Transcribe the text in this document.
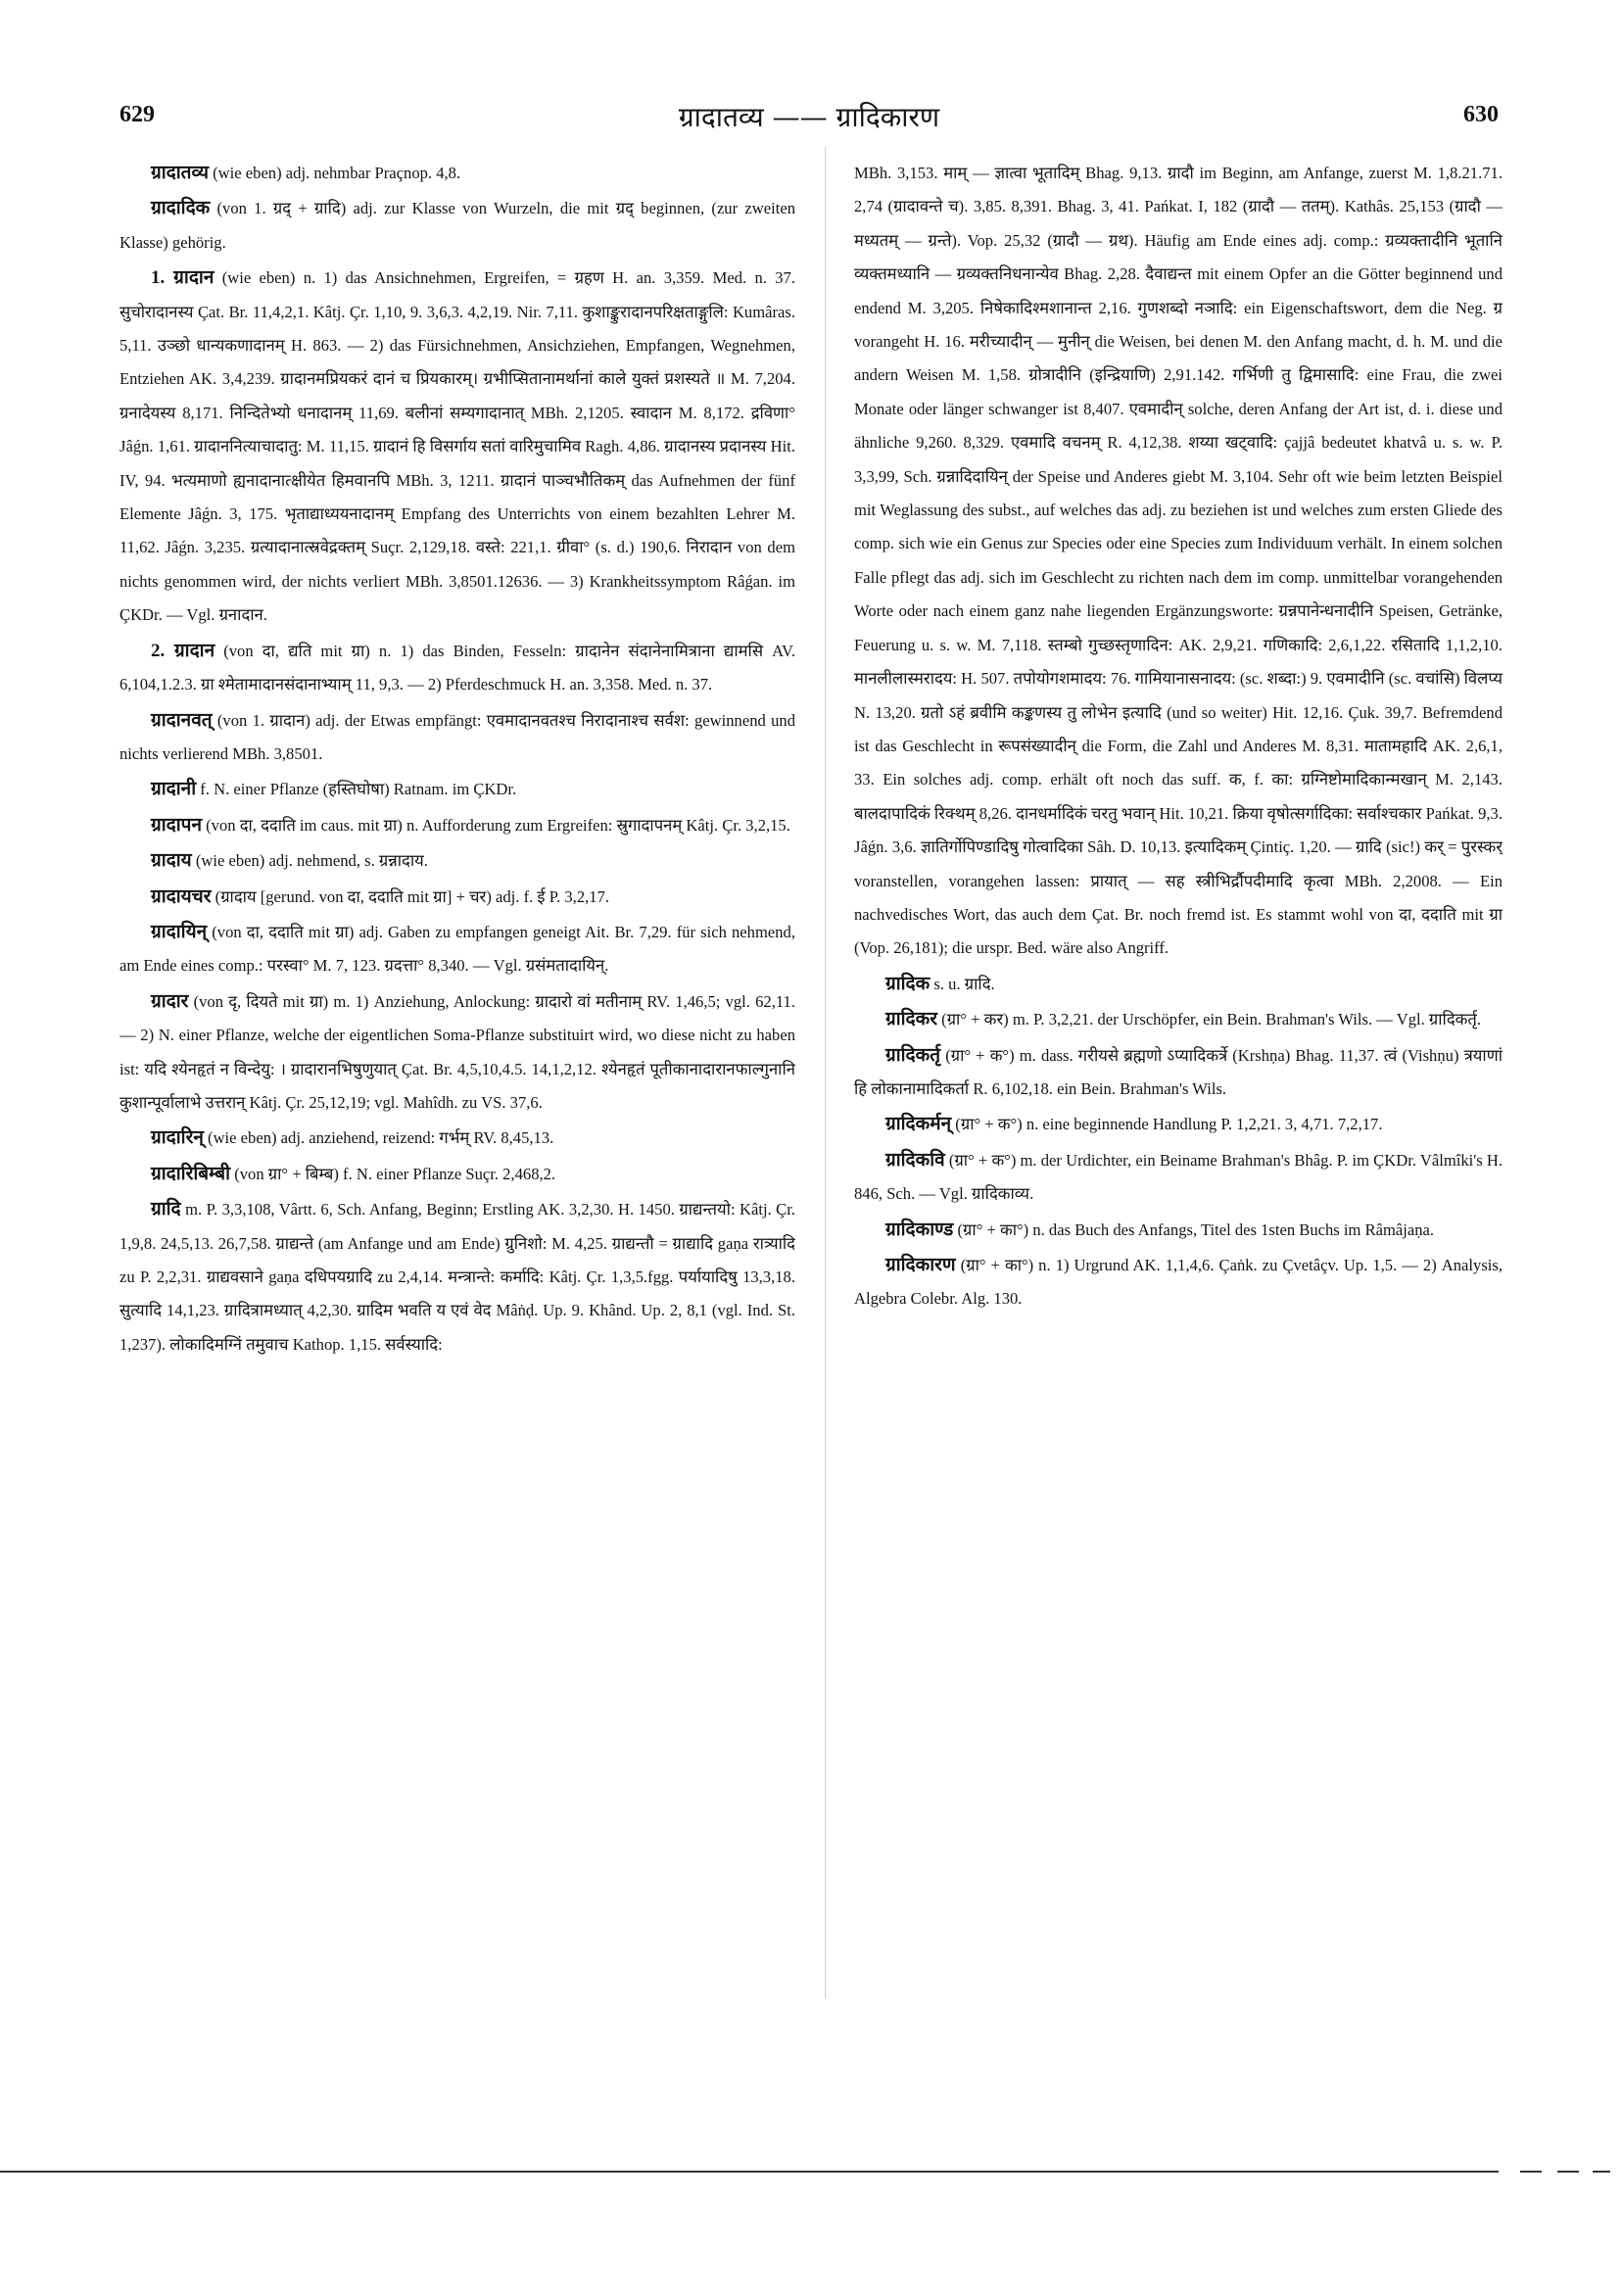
629	ग्रादातव्य —— ग्रादिकारण	630

ग्रादातव्य (wie eben) adj. nehmbar Praçnop. 4,8.

ग्रादादिक (von 1. ग्रद् + ग्रादि) adj. zur Klasse von Wurzeln, die mit ग्रद् beginnen, (zur zweiten Klasse) gehörig.

1. ग्रादान (wie eben) n. 1) das Ansichnehmen, Ergreifen, = ग्रहण H. an. 3,359. Med. n. 37. सुचोरादानस्य Çat. Br. 11,4,2,1. Kâtj. Çr. 1,10, 9. 3,6,3. 4,2,19. Nir. 7,11. कुशाङ्कुरादानपरिक्षताङ्गुलि: Kumâras. 5,11. उञ्छो धान्यकणादानम् H. 863. — 2) das Fürsichnehmen, Ansichziehen, Empfangen, Wegnehmen, Entziehen AK. 3,4,239. ग्रादानमप्रियकरं दानं च प्रियकारम्। ग्रभीप्सितानामर्थानां काले युक्तं प्रशस्यते ॥ M. 7,204. ग्रनादेयस्य 8,171. निन्दितेभ्यो धनादानम् 11,69. बलीनां सम्यगादानात् MBh. 2,1205. स्वादान M. 8,172. द्रविणा° Jâǵn. 1,61. ग्रादाननित्याचादातु: M. 11,15. ग्रादानं हि विसर्गाय सतां वारिमुचामिव Ragh. 4,86. ग्रादानस्य प्रदानस्य Hit. IV, 94. भत्यमाणो ह्यनादानात्क्षीयेत हिमवानपि MBh. 3, 1211. ग्रादानं पाञ्चभौतिकम् das Aufnehmen der fünf Elemente Jâǵn. 3, 175. भृताद्याध्ययनादानम् Empfang des Unterrichts von einem bezahlten Lehrer M. 11,62. Jâǵn. 3,235. ग्रत्यादानात्स्रवेद्रक्तम् Suçr. 2,129,18. वस्ते: 221,1. ग्रीवा° (s. d.) 190,6. निरादान von dem nichts genommen wird, der nichts verliert MBh. 3,8501.12636. — 3) Krankheitssymptom Râǵan. im ÇKDr. — Vgl. ग्रनादान.

2. ग्रादान (von दा, द्यति mit ग्रा) n. 1) das Binden, Fesseln: ग्रादानेन संदानेनामित्राना द्यामसि AV. 6,104,1.2.3. ग्रा श्मेतामादानसंदानाभ्याम् 11, 9,3. — 2) Pferdeschmuck H. an. 3,358. Med. n. 37.

ग्रादानवत् (von 1. ग्रादान) adj. der Etwas empfängt: एवमादानवतश्च निरादानाश्च सर्वश: gewinnend und nichts verlierend MBh. 3,8501.

ग्रादानी f. N. einer Pflanze (हस्तिघोषा) Ratnam. im ÇKDr.

ग्रादापन (von दा, ददाति im caus. mit ग्रा) n. Aufforderung zum Ergreifen: स्रुगादापनम् Kâtj. Çr. 3,2,15.

ग्रादाय (wie eben) adj. nehmend, s. ग्रन्नादाय.

ग्रादायचर (ग्रादाय [gerund. von दा, ददाति mit ग्रा] + चर) adj. f. ई P. 3,2,17.

ग्रादायिन् (von दा, ददाति mit ग्रा) adj. Gaben zu empfangen geneigt Ait. Br. 7,29. für sich nehmend, am Ende eines comp.: परस्वा° M. 7, 123. ग्रदत्ता° 8,340. — Vgl. ग्रसंमतादायिन्.

ग्रादार (von दृ, दियते mit ग्रा) m. 1) Anziehung, Anlockung: ग्रादारो वां मतीनाम् RV. 1,46,5; vgl. 62,11. — 2) N. einer Pflanze, welche der eigentlichen Soma-Pflanze substituirt wird, wo diese nicht zu haben ist: यदि श्येनहृतं न विन्देयु: । ग्रादारानभिषुणुयात् Çat. Br. 4,5,10,4.5. 14,1,2,12. श्येनहृतं पूतीकानादारानफाल्गुनानि कुशान्पूर्वालाभे उत्तरान् Kâtj. Çr. 25,12,19; vgl. Mahîdh. zu VS. 37,6.

ग्रादारिन् (wie eben) adj. anziehend, reizend: गर्भम् RV. 8,45,13.

ग्रादारिबिम्बी (von ग्रा° + बिम्ब) f. N. einer Pflanze Suçr. 2,468,2.

ग्रादि m. P. 3,3,108, Vârtt. 6, Sch. Anfang, Beginn; Erstling AK. 3,2,30. H. 1450. ग्राद्यन्तयो: Kâtj. Çr. 1,9,8. 24,5,13. 26,7,58. ग्राद्यन्ते (am Anfange und am Ende) ग्रुनिशो: M. 4,25. ग्राद्यन्तौ = ग्राद्यादि gaṇa रात्र्यादि zu P. 2,2,31. ग्राद्यवसाने gaṇa दधिपयग्रादि zu 2,4,14. मन्त्रान्ते: कर्मादि: Kâtj. Çr. 1,3,5.fgg. पर्यायादिषु 13,3,18. सुत्यादि 14,1,23. ग्रादित्रामध्यात् 4,2,30. ग्रादिम भवति य एवं वेद Mâṅḍ. Up. 9. Khând. Up. 2, 8,1 (vgl. Ind. St. 1,237). लोकादिमग्निं तमुवाच Kathop. 1,15. सर्वस्यादि:

MBh. 3,153. माम् — ज्ञात्वा भूतादिम् Bhag. 9,13. ग्रादौ im Beginn, am Anfange, zuerst M. 1,8.21.71. 2,74 (ग्रादावन्ते च). 3,85. 8,391. Bhag. 3, 41. Pańkat. I, 182 (ग्रादौ — ततम्). Kathâs. 25,153 (ग्रादौ — मध्यतम् — ग्रन्ते). Vop. 25,32 (ग्रादौ — ग्रथ). Häufig am Ende eines adj. comp.: ग्रव्यक्तादीनि भूतानि व्यक्तमध्यानि — ग्रव्यक्तनिधनान्येव Bhag. 2,28. दैवाद्यन्त mit einem Opfer an die Götter beginnend und endend M. 3,205. निषेकादिश्मशानान्त 2,16. गुणशब्दो नञादि: ein Eigenschaftswort, dem die Neg. ग्र vorangeht H. 16. मरीच्यादीन् — मुनीन् die Weisen, bei denen M. den Anfang macht, d. h. M. und die andern Weisen M. 1,58. ग्रोत्रादीनि (इन्द्रियाणि) 2,91.142. गर्भिणी तु द्विमासादि: eine Frau, die zwei Monate oder länger schwanger ist 8,407. एवमादीन् solche, deren Anfang der Art ist, d. i. diese und ähnliche 9,260. 8,329. एवमादि वचनम् R. 4,12,38. शय्या खट्वादि: çajjâ bedeutet khatvâ u. s. w. P. 3,3,99, Sch. ग्रन्नादिदायिन् der Speise und Anderes giebt M. 3,104. Sehr oft wie beim letzten Beispiel mit Weglassung des subst., auf welches das adj. zu beziehen ist und welches zum ersten Gliede des comp. sich wie ein Genus zur Species oder eine Species zum Individuum verhält. In einem solchen Falle pflegt das adj. sich im Geschlecht zu richten nach dem im comp. unmittelbar vorangehenden Worte oder nach einem ganz nahe liegenden Ergänzungsworte: ग्रन्नपानेन्धनादीनि Speisen, Getränke, Feuerung u. s. w. M. 7,118. स्तम्बो गुच्छस्तृणादिन: AK. 2,9,21. गणिकादि: 2,6,1,22. रसितादि 1,1,2,10. मानलीलास्मरादय: H. 507. तपोयोगशमादय: 76. गामियानासनादय: (sc. शब्दा:) 9. एवमादीनि (sc. वचांसि) विलप्य N. 13,20. ग्रतो ऽहं ब्रवीमि कङ्कणस्य तु लोभेन इत्यादि (und so weiter) Hit. 12,16. Çuk. 39,7. Befremdend ist das Geschlecht in रूपसंख्यादीन् die Form, die Zahl und Anderes M. 8,31. मातामहादि AK. 2,6,1, 33. Ein solches adj. comp. erhält oft noch das suff. क, f. का: ग्रग्निष्टोमादिकान्मखान् M. 2,143. बालदापादिकं रिक्थम् 8,26. दानधर्मादिकं चरतु भवान् Hit. 10,21. क्रिया वृषोत्सर्गादिका: सर्वाश्चकार Pańkat. 9,3. Jâǵn. 3,6. ज्ञातिर्गोपिण्डादिषु गोत्वादिका Sâh. D. 10,13. इत्यादिकम् Çintiç. 1,20. — ग्रादि (sic!) कर् = पुरस्कर् voranstellen, vorangehen lassen: प्रायात् — सह स्त्रीभिर्द्रौपदीमादि कृत्वा MBh. 2,2008. — Ein nachvedisches Wort, das auch dem Çat. Br. noch fremd ist. Es stammt wohl von दा, ददाति mit ग्रा (Vop. 26,181); die urspr. Bed. wäre also Angriff.

ग्रादिक s. u. ग्रादि.

ग्रादिकर (ग्रा° + कर) m. P. 3,2,21. der Urschöpfer, ein Bein. Brahman's Wils. — Vgl. ग्रादिकर्तृ.

ग्रादिकर्तृ (ग्रा° + क°) m. dass. गरीयसे ब्रह्मणो ऽप्यादिकर्त्रे (Krshṇa) Bhag. 11,37. त्वं (Vishṇu) त्रयाणां हि लोकानामादिकर्ता R. 6,102,18. ein Bein. Brahman's Wils.

ग्रादिकर्मन् (ग्रा° + क°) n. eine beginnende Handlung P. 1,2,21. 3, 4,71. 7,2,17.

ग्रादिकवि (ग्रा° + क°) m. der Urdichter, ein Beiname Brahman's Bhâg. P. im ÇKDr. Vâlmîki's H. 846, Sch. — Vgl. ग्रादिकाव्य.

ग्रादिकाण्ड (ग्रा° + का°) n. das Buch des Anfangs, Titel des 1sten Buchs im Râmâjaṇa.

ग्रादिकारण (ग्रा° + का°) n. 1) Urgrund AK. 1,1,4,6. Çaṅk. zu Çvetâçv. Up. 1,5. — 2) Analysis, Algebra Colebr. Alg. 130.
